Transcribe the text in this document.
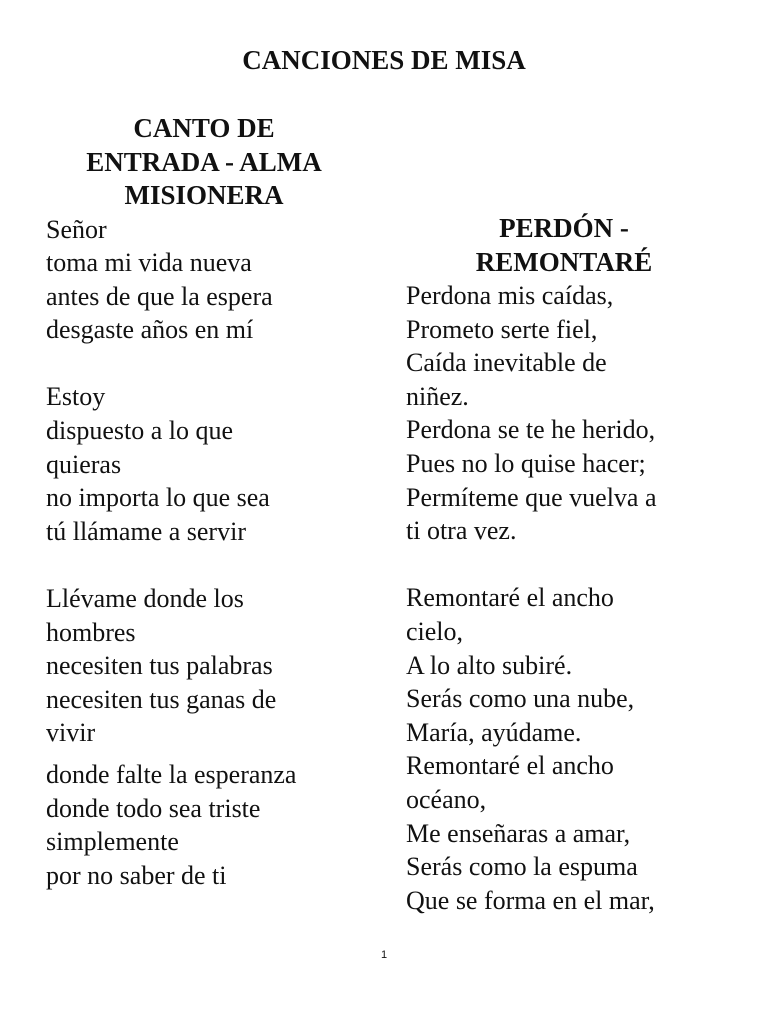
CANCIONES DE MISA
CANTO DE
ENTRADA - ALMA
MISIONERA
Señor
toma mi vida nueva
antes de que la espera
desgaste años en mí
Estoy
dispuesto a lo que
quieras
no importa lo que sea
tú llámame a servir
Llévame donde los
hombres
necesiten tus palabras
necesiten tus ganas de
vivir
donde falte la esperanza
donde todo sea triste
simplemente
por no saber de ti
PERDÓN -
REMONTARÉ
Perdona mis caídas,
Prometo serte fiel,
Caída inevitable de
niñez.
Perdona se te he herido,
Pues no lo quise hacer;
Permíteme que vuelva a
ti otra vez.
Remontaré el ancho
cielo,
A lo alto subiré.
Serás como una nube,
María, ayúdame.
Remontaré el ancho
océano,
Me enseñaras a amar,
Serás como la espuma
Que se forma en el mar,
1
